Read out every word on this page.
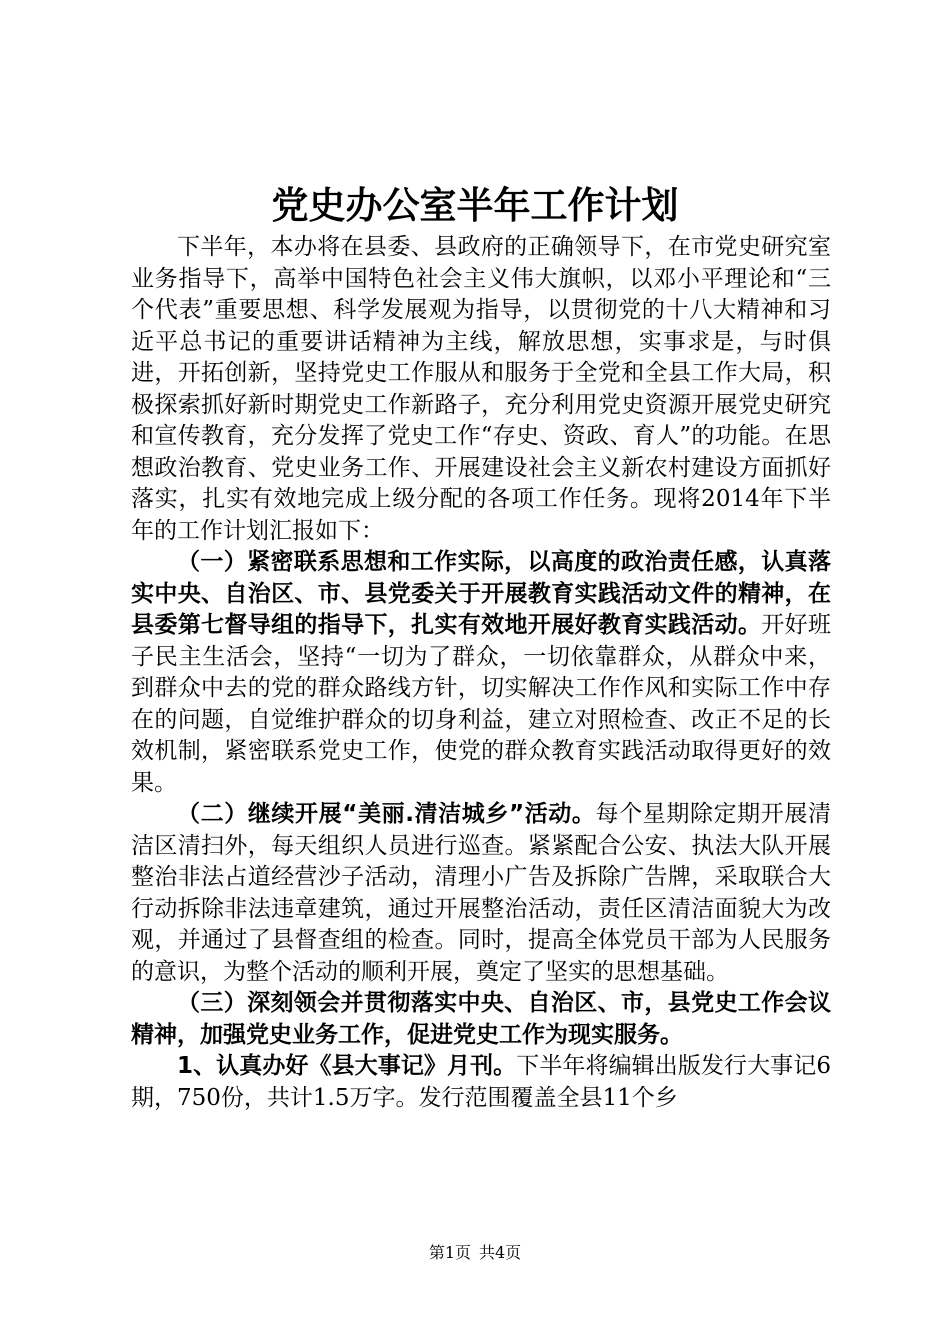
党史办公室半年工作计划

下半年，本办将在县委、县政府的正确领导下，在市党史研究室业务指导下，高举中国特色社会主义伟大旗帜，以邓小平理论和“三个代表”重要思想、科学发展观为指导，以贯彻党的十八大精神和习近平总书记的重要讲话精神为主线，解放思想，实事求是，与时俱进，开拓创新，坚持党史工作服从和服务于全党和全县工作大局，积极探索抓好新时期党史工作新路子，充分利用党史资源开展党史研究和宣传教育，充分发挥了党史工作“存史、资政、育人”的功能。在思想政治教育、党史业务工作、开展建设社会主义新农村建设方面抓好落实，扎实有效地完成上级分配的各项工作任务。现将2014年下半年的工作计划汇报如下：

（一）紧密联系思想和工作实际，以高度的政治责任感，认真落实中央、自治区、市、县党委关于开展教育实践活动文件的精神，在县委第七督导组的指导下，扎实有效地开展好教育实践活动。开好班子民主生活会，坚持“一切为了群众，一切依靠群众，从群众中来，到群众中去的党的群众路线方针，切实解决工作作风和实际工作中存在的问题，自觉维护群众的切身利益，建立对照检查、改正不足的长效机制，紧密联系党史工作，使党的群众教育实践活动取得更好的效果。

（二）继续开展“美丽.清洁城乡”活动。每个星期除定期开展清洁区清扫外，每天组织人员进行巡查。紧紧配合公安、执法大队开展整治非法占道经营沙子活动，清理小广告及拆除广告牌，采取联合大行动拆除非法违章建筑，通过开展整治活动，责任区清洁面貌大为改观，并通过了县督查组的检查。同时，提高全体党员干部为人民服务的意识，为整个活动的顺利开展，奠定了坚实的思想基础。

（三）深刻领会并贯彻落实中央、自治区、市，县党史工作会议精神，加强党史业务工作，促进党史工作为现实服务。

1、认真办好《县大事记》月刊。下半年将编辑出版发行大事记6期，750份，共计1.5万字。发行范围覆盖全县11个乡

第1页 共4页
